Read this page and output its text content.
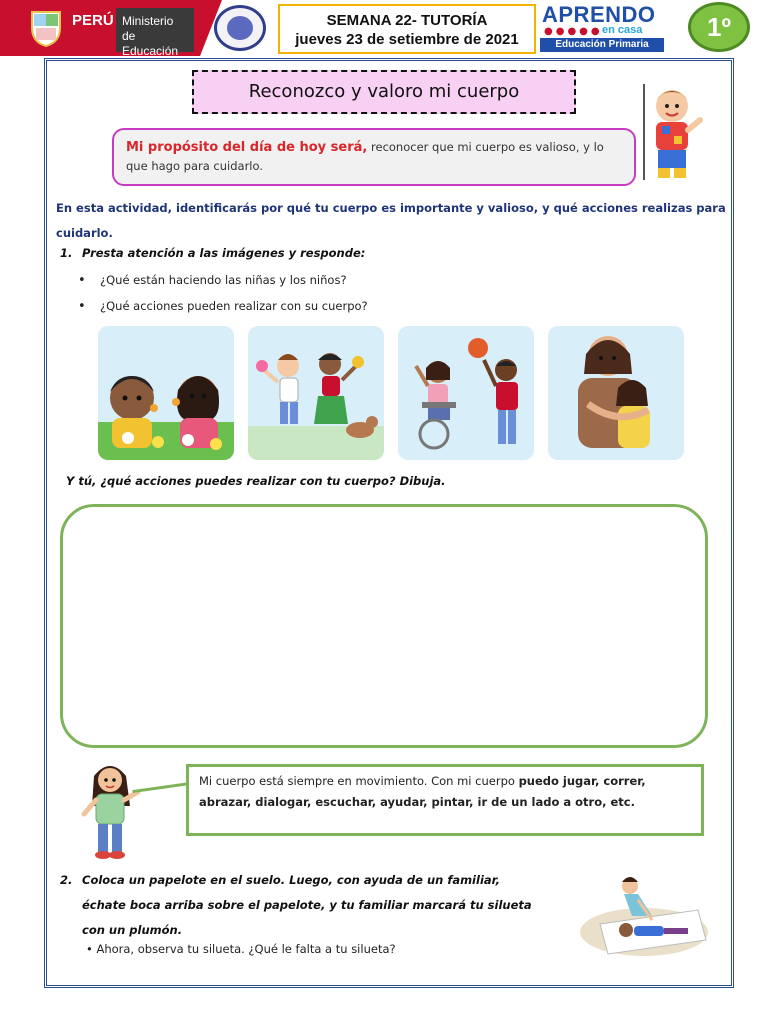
PERÚ Ministerio
de Educación
SEMANA 22- TUTORÍA
jueves 23 de setiembre de 2021
APRENDO
●●●●● en casa
Educación Primaria
1º
Reconozco y valoro mi cuerpo
Mi propósito del día de hoy será, reconocer que mi cuerpo es valioso, y lo que hago para cuidarlo.
En esta actividad, identificarás por qué tu cuerpo es importante y valioso, y qué acciones realizas para cuidarlo.
1. Presta atención a las imágenes y responde:
• ¿Qué están haciendo las niñas y los niños?
• ¿Qué acciones pueden realizar con su cuerpo?
Y tú, ¿qué acciones puedes realizar con tu cuerpo? Dibuja.
Mi cuerpo está siempre en movimiento. Con mi cuerpo puedo jugar, correr, abrazar, dialogar, escuchar, ayudar, pintar, ir de un lado a otro, etc.
2. Coloca un papelote en el suelo. Luego, con ayuda de un familiar,
échate boca arriba sobre el papelote, y tu familiar marcará tu silueta
con un plumón.
• Ahora, observa tu silueta. ¿Qué le falta a tu silueta?
